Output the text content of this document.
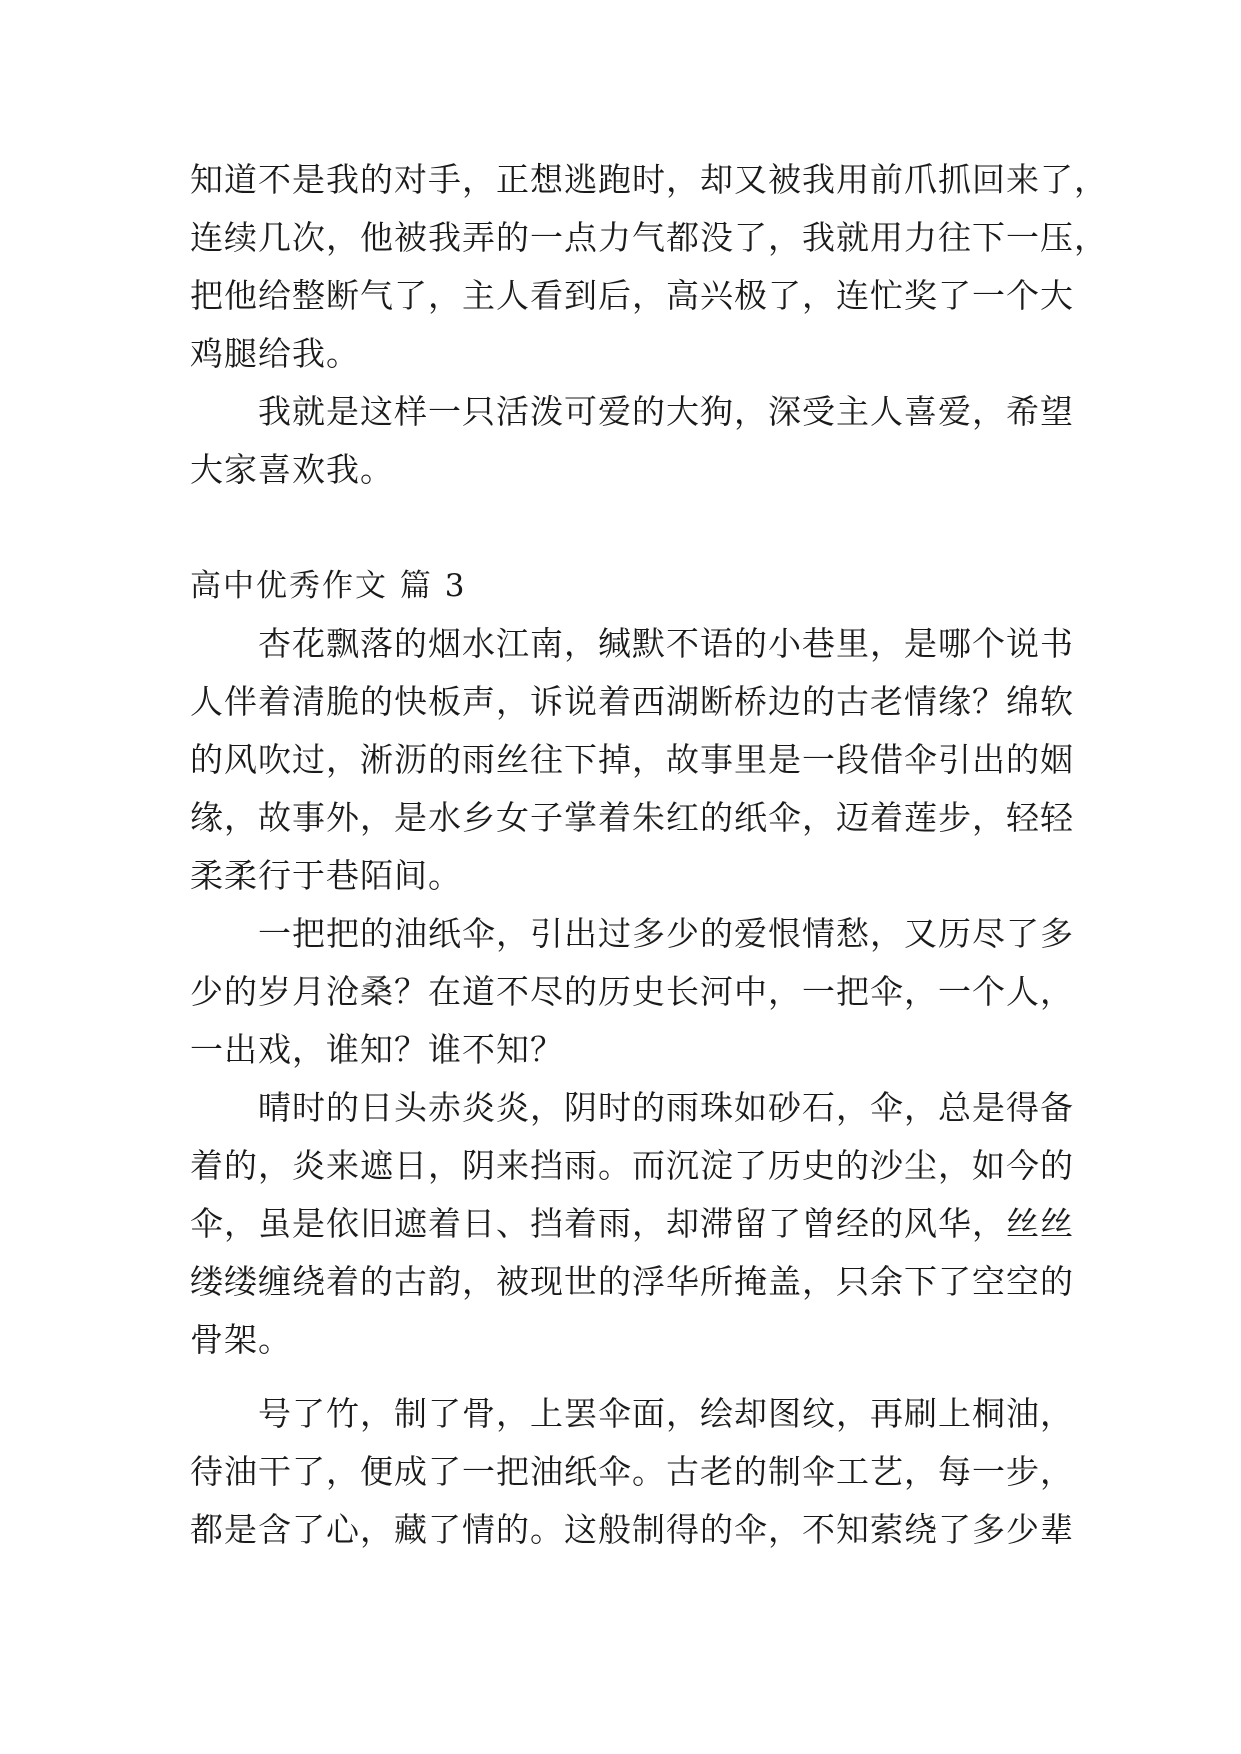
知道不是我的对手，正想逃跑时，却又被我用前爪抓回来了，
连续几次，他被我弄的一点力气都没了，我就用力往下一压，
把他给整断气了，主人看到后，高兴极了，连忙奖了一个大
鸡腿给我。
我就是这样一只活泼可爱的大狗，深受主人喜爱，希望
大家喜欢我。
高中优秀作文 篇 3
杏花飘落的烟水江南，缄默不语的小巷里，是哪个说书
人伴着清脆的快板声，诉说着西湖断桥边的古老情缘？绵软
的风吹过，淅沥的雨丝往下掉，故事里是一段借伞引出的姻
缘，故事外，是水乡女子掌着朱红的纸伞，迈着莲步，轻轻
柔柔行于巷陌间。
一把把的油纸伞，引出过多少的爱恨情愁，又历尽了多
少的岁月沧桑？在道不尽的历史长河中，一把伞，一个人，
一出戏，谁知？谁不知？
晴时的日头赤炎炎，阴时的雨珠如砂石，伞，总是得备
着的，炎来遮日，阴来挡雨。而沉淀了历史的沙尘，如今的
伞，虽是依旧遮着日、挡着雨，却滞留了曾经的风华，丝丝
缕缕缠绕着的古韵，被现世的浮华所掩盖，只余下了空空的
骨架。
号了竹，制了骨，上罢伞面，绘却图纹，再刷上桐油，
待油干了，便成了一把油纸伞。古老的制伞工艺，每一步，
都是含了心，藏了情的。这般制得的伞，不知萦绕了多少辈
